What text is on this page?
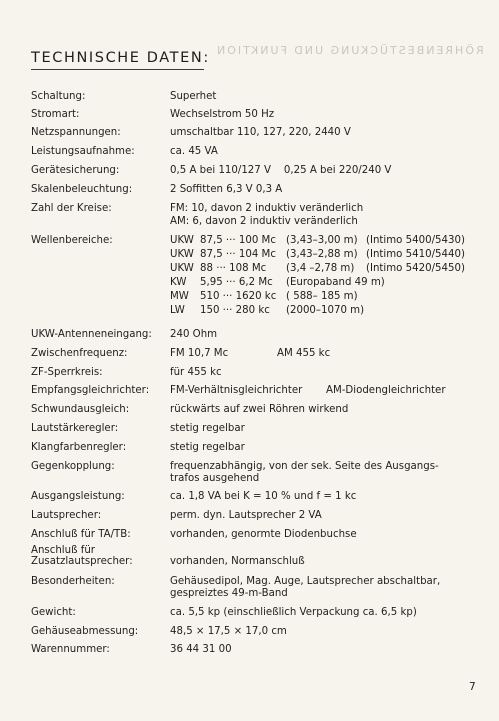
RÖHRENBESTÜCKUNG UND FUNKTION
TECHNISCHE DATEN:
Schaltung:	Superhet
Stromart:	Wechselstrom 50 Hz
Netzspannungen:	umschaltbar 110, 127, 220, 2440 V
Leistungsaufnahme:	ca. 45 VA
Gerätesicherung:	0,5 A bei 110/127 V    0,25 A bei 220/240 V
Skalenbeleuchtung:	2 Soffitten 6,3 V 0,3 A
Zahl der Kreise:	FM: 10, davon 2 induktiv veränderlich
AM: 6, davon 2 induktiv veränderlich
Wellenbereiche:	UKW 87,5 ··· 100 Mc (3,43–3,00 m) (Intimo 5400/5430)
UKW 87,5 ··· 104 Mc (3,43–2,88 m) (Intimo 5410/5440)
UKW 88 ··· 108 Mc (3,4 –2,78 m) (Intimo 5420/5450)
KW 5,95 ··· 6,2 Mc (Europaband 49 m)
MW 510 ··· 1620 kc ( 588– 185 m)
LW 150 ··· 280 kc (2000–1070 m)
UKW-Antenneneingang: 240 Ohm
Zwischenfrequenz:	FM 10,7 Mc	AM 455 kc
ZF-Sperrkreis:	für 455 kc
Empfangsgleichrichter: FM-Verhältnisgleichrichter AM-Diodengleichrichter
Schwundausgleich:	rückwärts auf zwei Röhren wirkend
Lautstärkeregler:	stetig regelbar
Klangfarbenregler:	stetig regelbar
Gegenkopplung:	frequenzabhängig, von der sek. Seite des Ausgangs-
trafos ausgehend
Ausgangsleistung:	ca. 1,8 VA bei K = 10 % und f = 1 kc
Lautsprecher:	perm. dyn. Lautsprecher 2 VA
Anschluß für TA/TB:	vorhanden, genormte Diodenbuchse
Anschluß für
Zusatzlautsprecher:	vorhanden, Normanschluß
Besonderheiten:	Gehäusedipol, Mag. Auge, Lautsprecher abschaltbar,
gespreiztes 49-m-Band
Gewicht:	ca. 5,5 kp (einschließlich Verpackung ca. 6,5 kp)
Gehäuseabmessung:	48,5 × 17,5 × 17,0 cm
Warennummer:	36 44 31 00
7
